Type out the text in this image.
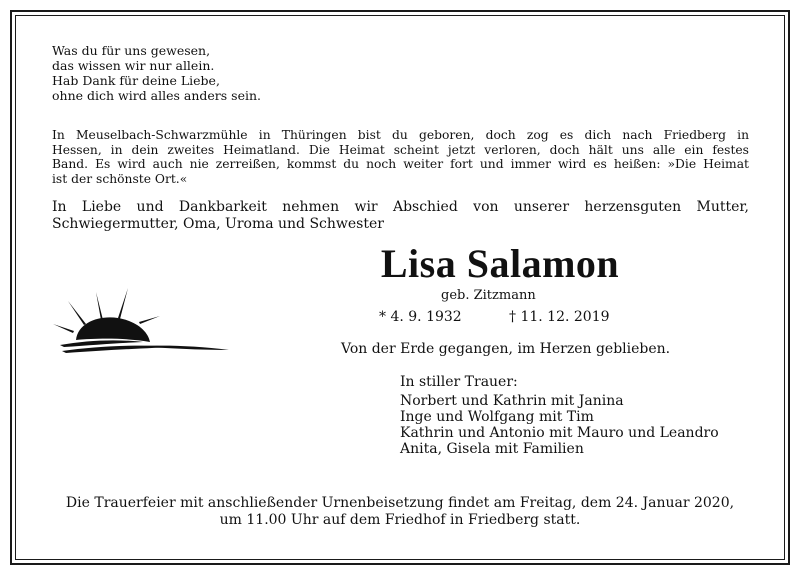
Was du für uns gewesen,
das wissen wir nur allein.
Hab Dank für deine Liebe,
ohne dich wird alles anders sein.
In Meuselbach-Schwarzmühle in Thüringen bist du geboren, doch zog es dich nach Friedberg in
Hessen, in dein zweites Heimatland. Die Heimat scheint jetzt verloren, doch hält uns alle ein festes
Band. Es wird auch nie zerreißen, kommst du noch weiter fort und immer wird es heißen: »Die Heimat
ist der schönste Ort.«
In Liebe und Dankbarkeit nehmen wir Abschied von unserer herzensguten Mutter,
Schwiegermutter, Oma, Uroma und Schwester
Lisa Salamon
geb. Zitzmann
* 4. 9. 1932	† 11. 12. 2019
Von der Erde gegangen, im Herzen geblieben.
In stiller Trauer:
Norbert und Kathrin mit Janina
Inge und Wolfgang mit Tim
Kathrin und Antonio mit Mauro und Leandro
Anita, Gisela mit Familien
Die Trauerfeier mit anschließender Urnenbeisetzung findet am Freitag, dem 24. Januar 2020,
um 11.00 Uhr auf dem Friedhof in Friedberg statt.
